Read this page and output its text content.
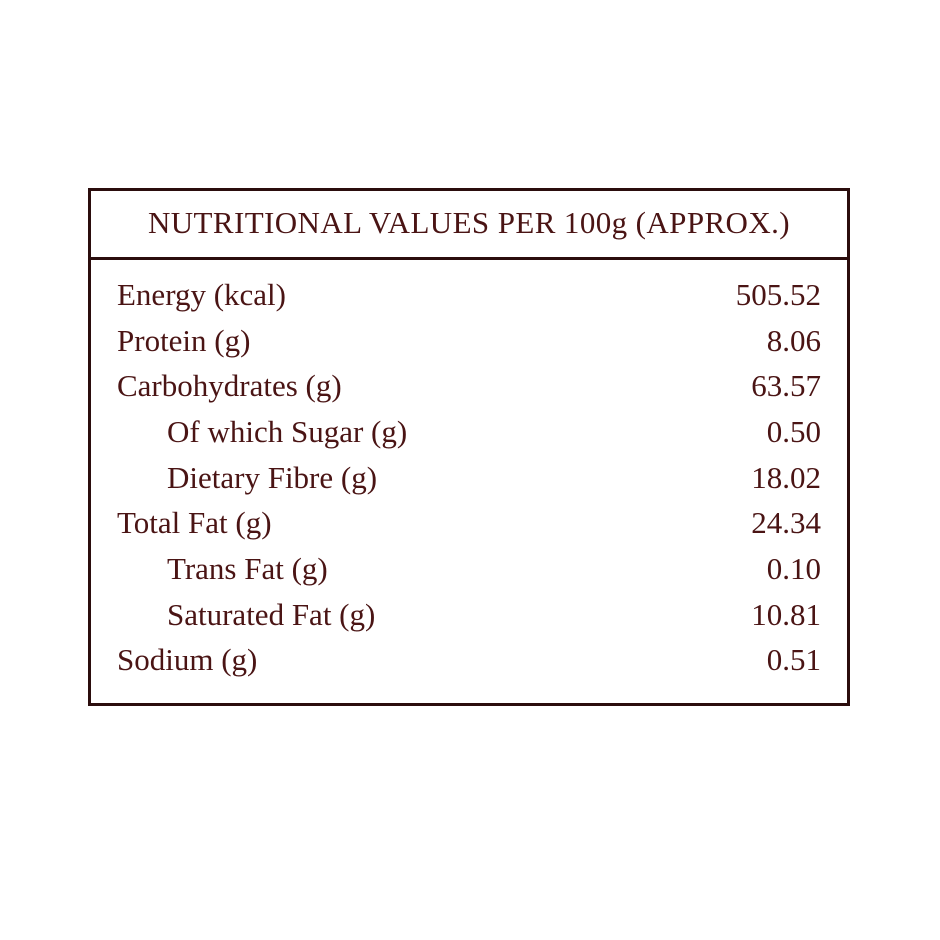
NUTRITIONAL VALUES PER 100g (APPROX.)
Energy (kcal)	505.52
Protein (g)	8.06
Carbohydrates (g)	63.57
Of which Sugar (g)	0.50
Dietary Fibre (g)	18.02
Total Fat (g)	24.34
Trans Fat (g)	0.10
Saturated Fat (g)	10.81
Sodium (g)	0.51
